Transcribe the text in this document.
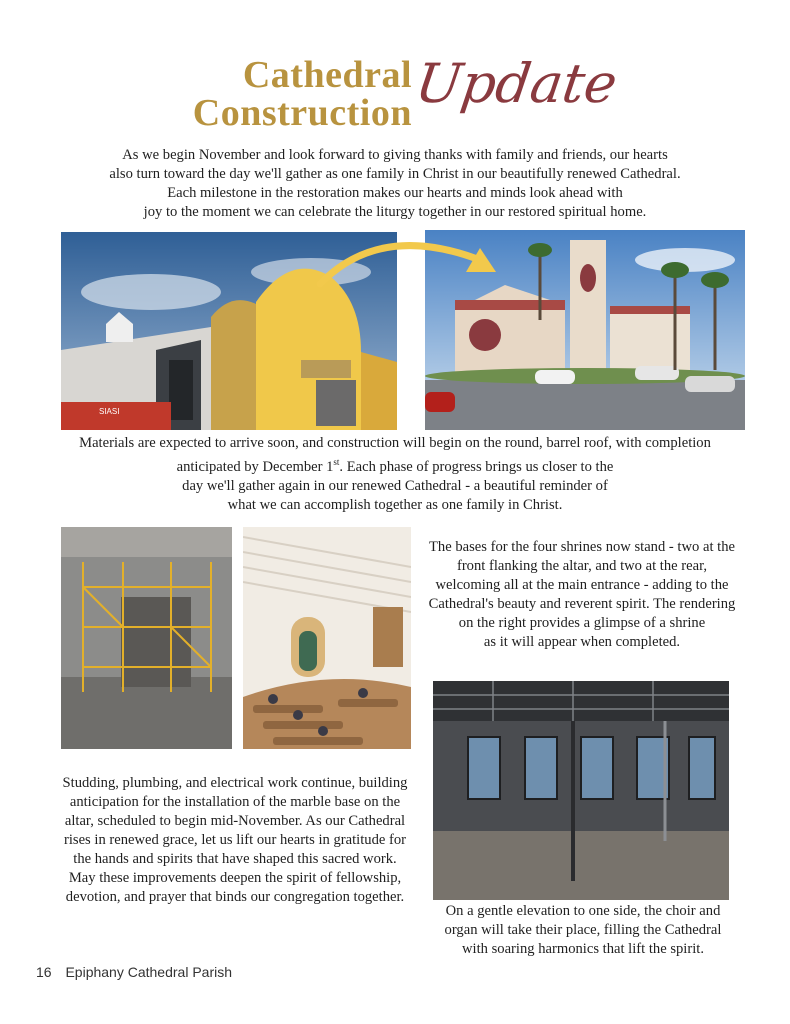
Cathedral
Construction Update

As we begin November and look forward to giving thanks with family and friends, our hearts
also turn toward the day we'll gather as one family in Christ in our beautifully renewed Cathedral.
Each milestone in the restoration makes our hearts and minds look ahead with
joy to the moment we can celebrate the liturgy together in our restored spiritual home.

SIASI

Materials are expected to arrive soon, and construction will begin on the round, barrel roof, with completion
anticipated by December 1st. Each phase of progress brings us closer to the
day we'll gather again in our renewed Cathedral - a beautiful reminder of
what we can accomplish together as one family in Christ.

The bases for the four shrines now stand - two at the
front flanking the altar, and two at the rear,
welcoming all at the main entrance - adding to the
Cathedral's beauty and reverent spirit. The rendering
on the right provides a glimpse of a shrine
as it will appear when completed.

Studding, plumbing, and electrical work continue, building
anticipation for the installation of the marble base on the
altar, scheduled to begin mid-November. As our Cathedral
rises in renewed grace, let us lift our hearts in gratitude for
the hands and spirits that have shaped this sacred work.
May these improvements deepen the spirit of fellowship,
devotion, and prayer that binds our congregation together.

On a gentle elevation to one side, the choir and
organ will take their place, filling the Cathedral
with soaring harmonics that lift the spirit.

16 Epiphany Cathedral Parish
